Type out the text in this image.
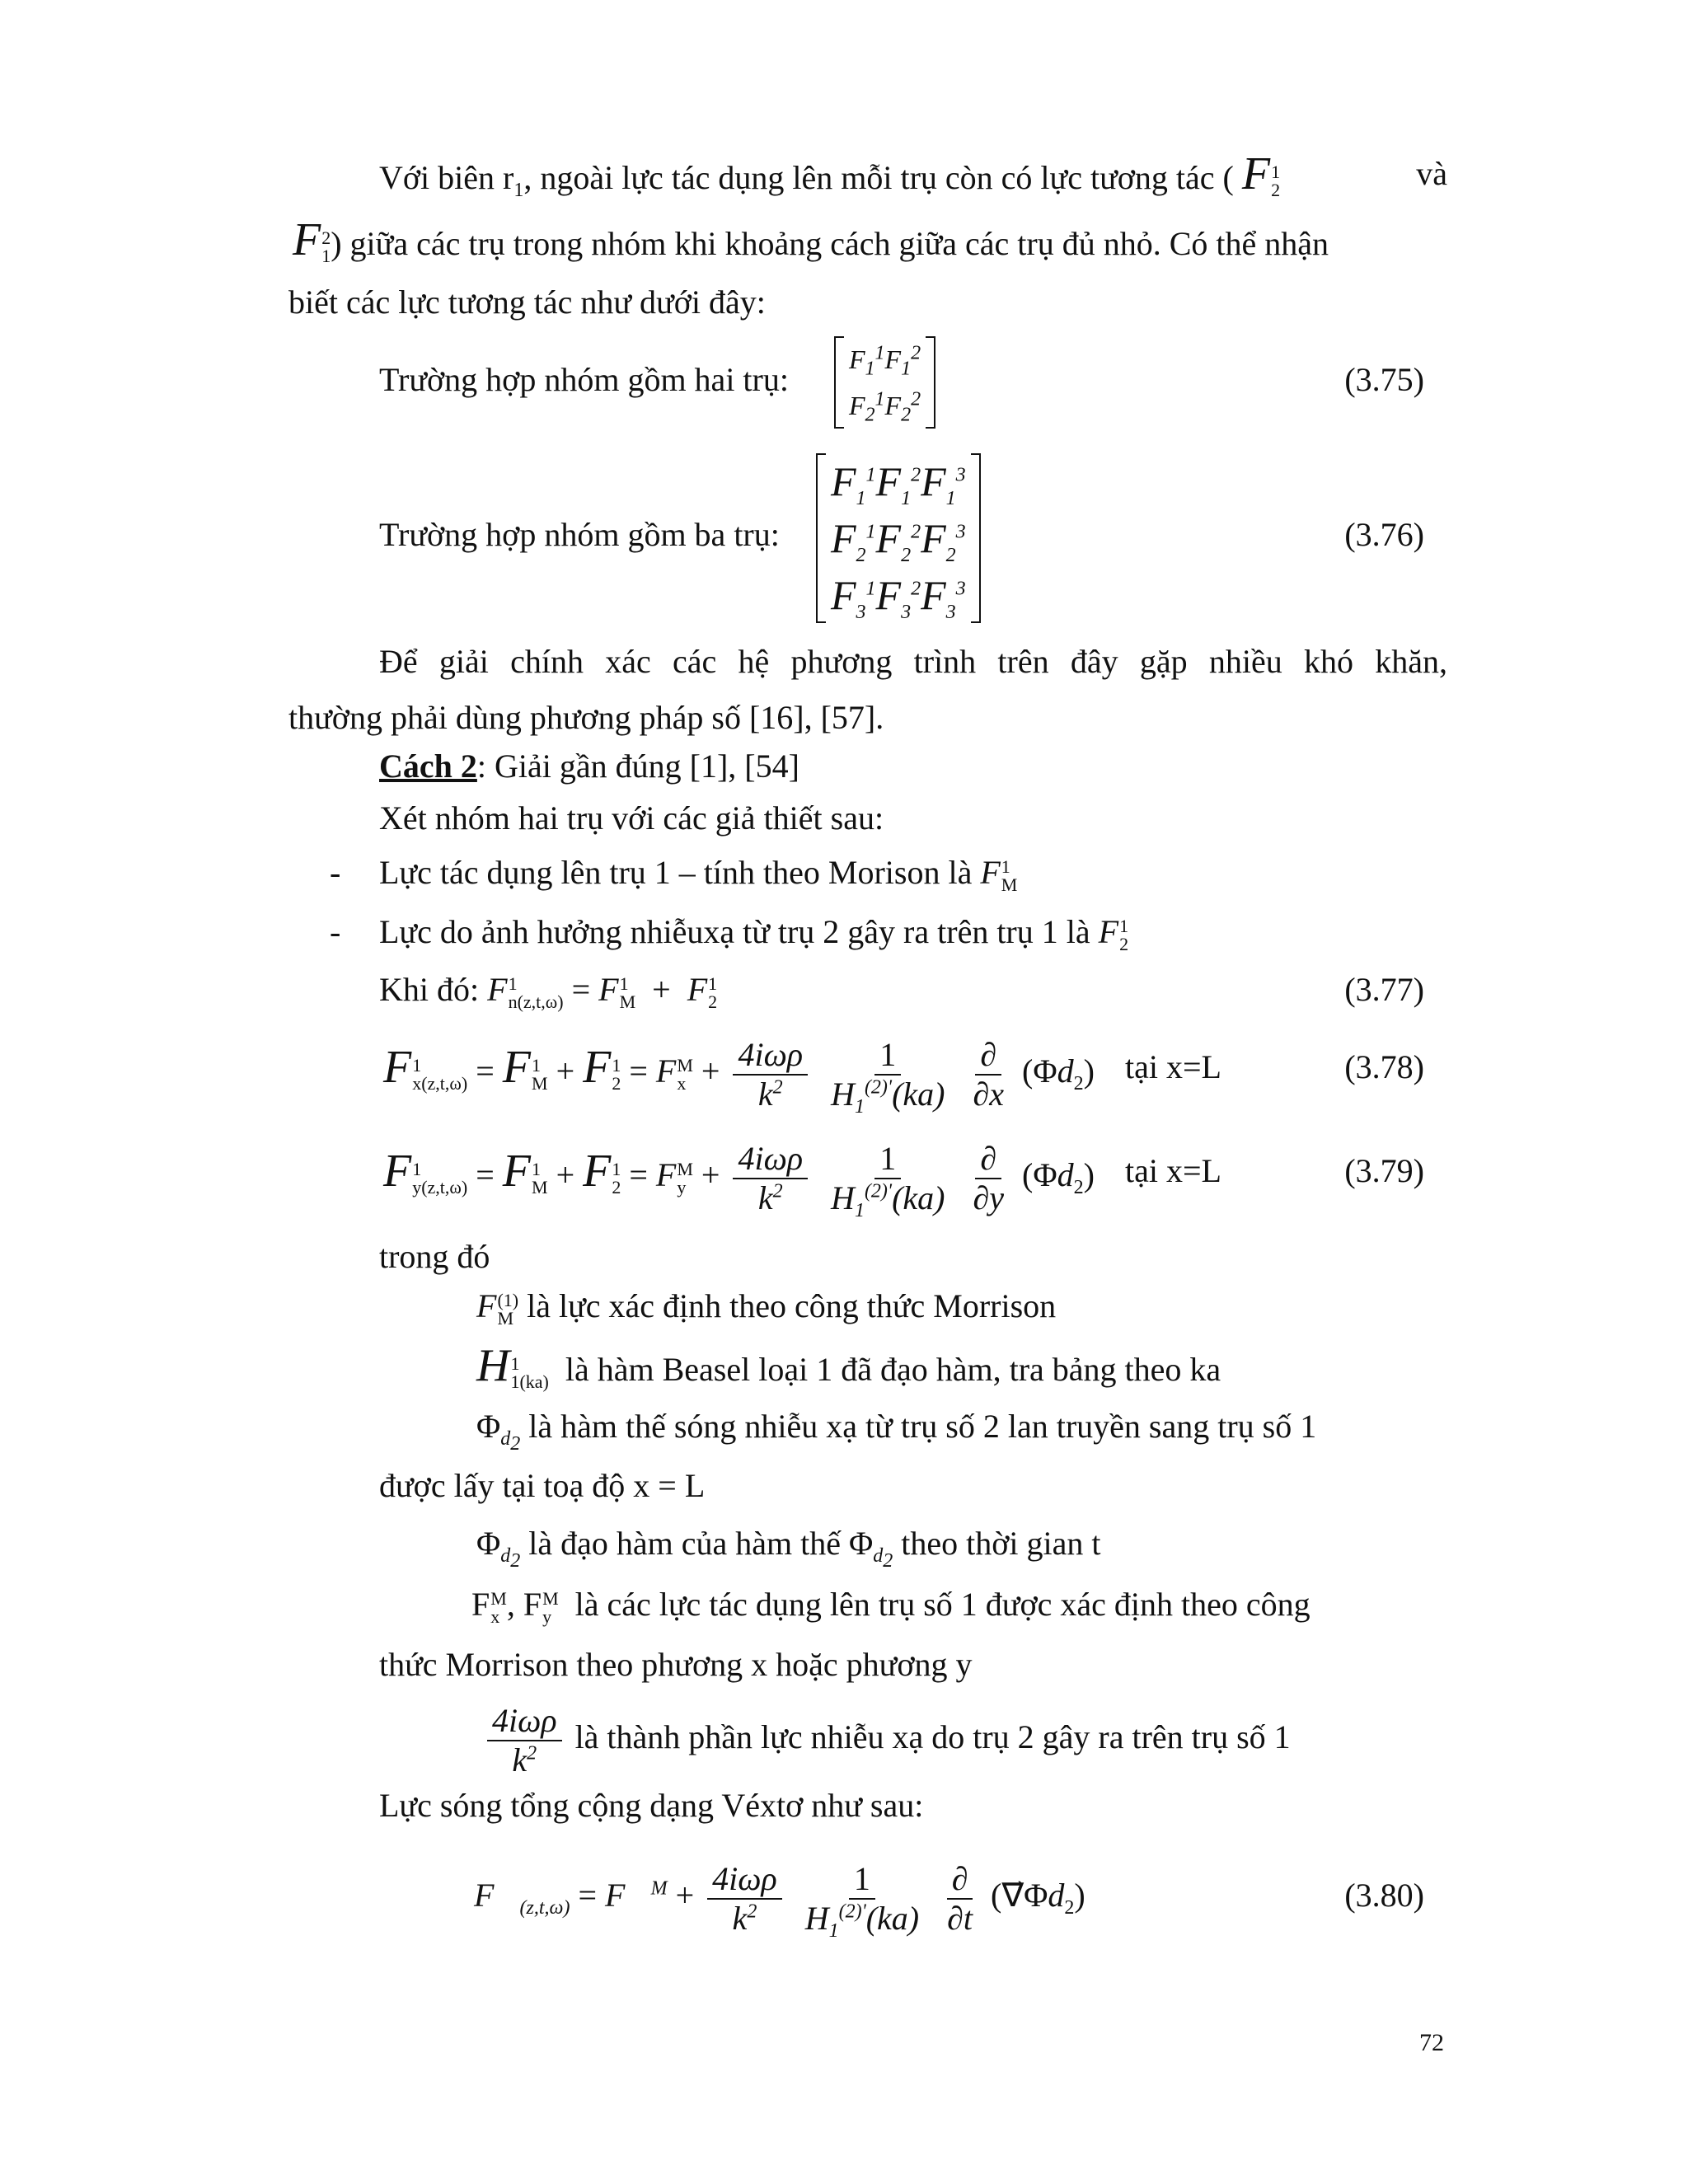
Với biên $r_1$, ngoài lực tác dụng lên mỗi trụ còn có lực tương tác ( F 1
2	và
F 2
1 ) giữa các trụ trong nhóm khi khoảng cách giữa các trụ đủ nhỏ. Có thể nhận
biết các lực tương tác như dưới đây:
Trường hợp nhóm gồm hai trụ:
$F_1^1F_1^2$
$F_2^1F_2^2$
(3.75)
Trường hợp nhóm gồm ba trụ:
$F_1^1F_1^2F_1^3$
$F_2^1F_2^2F_2^3$
$F_3^1F_3^2F_3^3$
(3.76)
Để giải chính xác các hệ phương trình trên đây gặp nhiều khó khăn,
thường phải dùng phương pháp số [16], [57].
Cách 2: Giải gần đúng [1], [54]
Xét nhóm hai trụ với các giả thiết sau:
- Lực tác dụng lên trụ 1 – tính theo Morison là F 1
M
- Lực do ảnh hưởng nhiễuxạ từ trụ 2 gây ra trên trụ 1 là F 1
2
Khi đó: F 1
n(z,t,ω) = F 1
M +  F 1
2	(3.77)
F 1
x(z,t,ω) = F 1
M + F 1
2 = F M
$x + \frac{\text{4iωρ}}{k^2}$
$\frac{1}{H_1^{(2)'}(ka)}$
$\frac{\partial}{\partial x} (\Phi d_2)$ tại x=L	(3.78)
F 1
y(z,t,ω) = F 1
M + F 1
2 = F M
$y + \frac{\text{4iωρ}}{k^2}$
$\frac{1}{H_1^{(2)'}(ka)}$
$\frac{\partial}{\partial y} (\Phi d_2)$ tại x=L	(3.79)
trong đó
F (1)
M là lực xác định theo công thức Morrison
H 1
1(ka) là hàm Beasel loại 1 đã đạo hàm, tra bảng theo ka
$\Phi_{d_2}$ là hàm thế sóng nhiễu xạ từ trụ số 2 lan truyền sang trụ số 1
được lấy tại toạ độ x = L
$\Phi_{d_2}$ là đạo hàm của hàm thế $\Phi_{d_2}$ theo thời gian t
F M
x , F M
y là các lực tác dụng lên trụ số 1 được xác định theo công
thức Morrison theo phương x hoặc phương y
$\frac{\text{4iωρ}}{k^2}$ là thành phần lực nhiễu xạ do trụ 2 gây ra trên trụ số 1
Lực sóng tổng cộng dạng Véxtơ như sau:
$F⃗_{(z,t,\omega)}$ = F⃗$^M$ + $\frac{\text{4iωρ}}{k^2}$
$\frac{1}{H_1^{(2)'}(ka)}$
$\frac{\partial}{\partial t}$ $(\nabla⃗\Phi d_2)$	(3.80)
72
